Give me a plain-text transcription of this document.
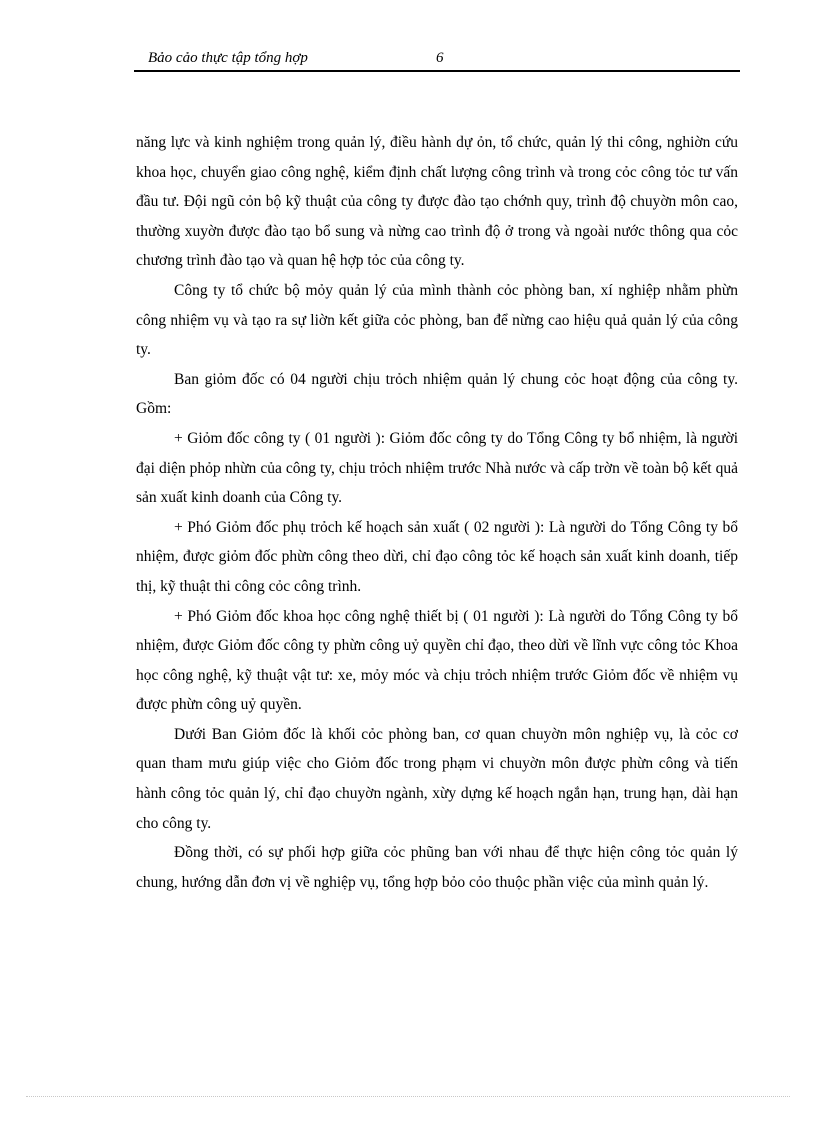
Bảo cảo thực tập tổng hợp	6

năng lực và kinh nghiệm trong quản lý, điều hành dự ỏn, tổ chức, quản lý thi công, nghiờn cứu khoa học, chuyển giao công nghệ, kiểm định chất lượng công trình và trong cỏc công tỏc tư vấn đầu tư. Đội ngũ cỏn bộ kỹ thuật của công ty được đào tạo chớnh quy, trình độ chuyờn môn cao, thường xuyờn được đào tạo bổ sung và nừng cao trình độ ở trong và ngoài nước thông qua cỏc chương trình đào tạo và quan hệ hợp tỏc của công ty.

Công ty tổ chức bộ mỏy quản lý của mình thành cỏc phòng ban, xí nghiệp nhằm phừn công nhiệm vụ và tạo ra sự liờn kết giữa cỏc phòng, ban để nừng cao hiệu quả quản lý của công ty.

Ban giỏm đốc có 04 người chịu trỏch nhiệm quản lý chung cỏc hoạt động của công ty. Gồm:

+ Giỏm đốc công ty ( 01 người ): Giỏm đốc công ty do Tổng Công ty bổ nhiệm, là người đại diện phỏp nhừn của công ty, chịu trỏch nhiệm trước Nhà nước và cấp trờn về toàn bộ kết quả sản xuất kinh doanh của Công ty.

+ Phó Giỏm đốc phụ trỏch kế hoạch sản xuất ( 02 người ): Là người do Tổng Công ty bổ nhiệm, được giỏm đốc phừn công theo dừi, chỉ đạo công tỏc kế hoạch sản xuất kinh doanh, tiếp thị, kỹ thuật thi công cỏc công trình.

+ Phó Giỏm đốc khoa học công nghệ thiết bị ( 01 người ): Là người do Tổng Công ty bổ nhiệm, được Giỏm đốc công ty phừn công uỷ quyền chỉ đạo, theo dừi về lĩnh vực công tỏc Khoa học công nghệ, kỹ thuật vật tư: xe, mỏy móc và chịu trỏch nhiệm trước Giỏm đốc về nhiệm vụ được phừn công uỷ quyền.

Dưới Ban Giỏm đốc là khối cỏc phòng ban, cơ quan chuyờn môn nghiệp vụ, là cỏc cơ quan tham mưu giúp việc cho Giỏm đốc trong phạm vi chuyờn môn được phừn công và tiến hành công tỏc quản lý, chỉ đạo chuyờn ngành, xừy dựng kế hoạch ngắn hạn, trung hạn, dài hạn cho công ty.

Đồng thời, có sự phối hợp giữa cỏc phũng ban với nhau để thực hiện công tỏc quản lý chung, hướng dẫn đơn vị về nghiệp vụ, tổng hợp bỏo cỏo thuộc phần việc của mình quản lý.
